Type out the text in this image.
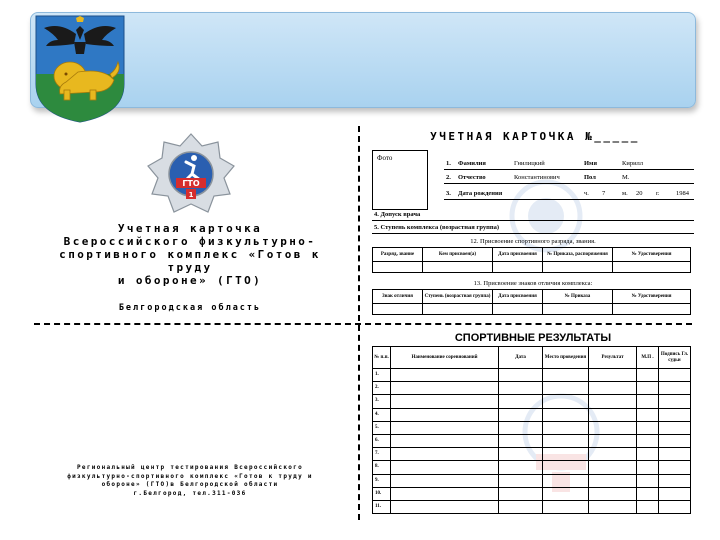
ГТО
1
Учетная карточка
Всероссийского физкультурно-
спортивного комплекс «Готов к труду
и обороне» (ГТО)
Белгородская область
Региональный центр тестирования Всероссийского
физкультурно-спортивного комплекс «Готов к труду и
обороне» (ГТО)в Белгородской области
г.Белгород, тел.311-036
УЧЕТНАЯ КАРТОЧКА №_____
Фото
1. Фамилия	Гнилицкий	Имя	Кирилл
2. Отчество	Константинович	Пол	М.
3. Дата рождения	ч. 7	м. 20 г.	1984
4. Допуск врача
5. Ступень комплекса (возрастная группа)
12. Присвоение спортивного разряда, звания.
Разряд, звание	Кем присвоен(а)	Дата присвоения	№ Приказа, распоряжения	№ Удостоверения

13. Присвоение знаков отличия комплекса:
Знак отличия	Ступень (возрастная группа)	Дата присвоения	№ Приказа	№ Удостоверения

СПОРТИВНЫЕ РЕЗУЛЬТАТЫ
№ п.п.	Наименование соревнований	Дата	Место проведения	Результат	М.П .	Подпись Гл. судьи
1.						
2.						
3.						
4.						
5.						
6.						
7.						
8.						
9.						
10.						
11.						
